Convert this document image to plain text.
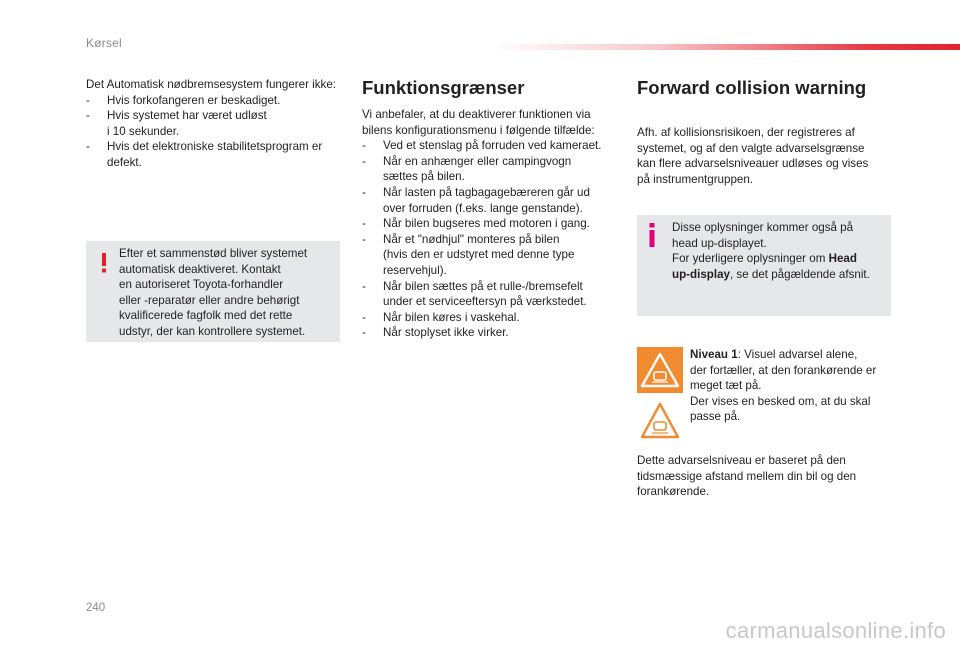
Kørsel

Det Automatisk nødbremsesystem fungerer ikke:

- Hvis forkofangeren er beskadiget.
- Hvis systemet har været udløst
i 10 sekunder.
- Hvis det elektroniske stabilitetsprogram er
defekt.

Efter et sammenstød bliver systemet

automatisk deaktiveret. Kontakt

en autoriseret Toyota-forhandler

eller -reparatør eller andre behørigt

kvalificerede fagfolk med det rette

udstyr, der kan kontrollere systemet.

Funktionsgrænser

Vi anbefaler, at du deaktiverer funktionen via

bilens konfigurationsmenu i følgende tilfælde:

- Ved et stenslag på forruden ved kameraet.
- Når en anhænger eller campingvogn
sættes på bilen.
- Når lasten på tagbagagebæreren går ud
over forruden (f.eks. lange genstande).
- Når bilen bugseres med motoren i gang.
- Når et "nødhjul" monteres på bilen
(hvis den er udstyret med denne type
reservehjul).
- Når bilen sættes på et rulle-/bremsefelt
under et serviceeftersyn på værkstedet.
- Når bilen køres i vaskehal.
- Når stoplyset ikke virker.
Forward collision warning

Afh. af kollisionsrisikoen, der registreres af

systemet, og af den valgte advarselsgrænse

kan flere advarselsniveauer udløses og vises

på instrumentgruppen.

Disse oplysninger kommer også på

head up-displayet.

For yderligere oplysninger om Head

up-display, se det pågældende afsnit.

Niveau 1: Visuel advarsel alene,

der fortæller, at den forankørende er

meget tæt på.

Der vises en besked om, at du skal

passe på.

Dette advarselsniveau er baseret på den

tidsmæssige afstand mellem din bil og den

forankørende.

240
carmanualsonline.info
